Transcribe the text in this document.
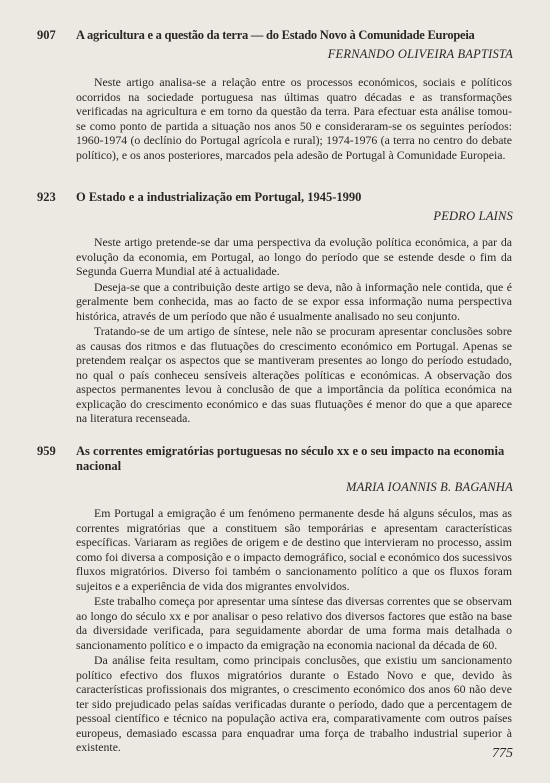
907 A agricultura e a questão da terra — do Estado Novo à Comunidade Europeia
FERNANDO OLIVEIRA BAPTISTA

Neste artigo analisa-se a relação entre os processos económicos, sociais e políticos ocorridos na sociedade portuguesa nas últimas quatro décadas e as transformações verificadas na agricultura e em torno da questão da terra. Para efectuar esta análise tomou-se como ponto de partida a situação nos anos 50 e consideraram-se os seguintes períodos: 1960-1974 (o declínio do Portugal agrícola e rural); 1974-1976 (a terra no centro do debate político), e os anos posteriores, marcados pela adesão de Portugal à Comunidade Europeia.

923 O Estado e a industrialização em Portugal, 1945-1990
PEDRO LAINS

Neste artigo pretende-se dar uma perspectiva da evolução política económica, a par da evolução da economia, em Portugal, ao longo do período que se estende desde o fim da Segunda Guerra Mundial até à actualidade.

Deseja-se que a contribuição deste artigo se deva, não à informação nele contida, que é geralmente bem conhecida, mas ao facto de se expor essa informação numa perspectiva histórica, através de um período que não é usualmente analisado no seu conjunto.

Tratando-se de um artigo de síntese, nele não se procuram apresentar conclusões sobre as causas dos ritmos e das flutuações do crescimento económico em Portugal. Apenas se pretendem realçar os aspectos que se mantiveram presentes ao longo do período estudado, no qual o país conheceu sensíveis alterações políticas e económicas. A observação dos aspectos permanentes levou à conclusão de que a importância da política económica na explicação do crescimento económico e das suas flutuações é menor do que a que aparece na literatura recenseada.

959 As correntes emigratórias portuguesas no século xx e o seu impacto na economia nacional
MARIA IOANNIS B. BAGANHA

Em Portugal a emigração é um fenómeno permanente desde há alguns séculos, mas as correntes migratórias que a constituem são temporárias e apresentam características específicas. Variaram as regiões de origem e de destino que intervieram no processo, assim como foi diversa a composição e o impacto demográfico, social e económico dos sucessivos fluxos migratórios. Diverso foi também o sancionamento político a que os fluxos foram sujeitos e a experiência de vida dos migrantes envolvidos.

Este trabalho começa por apresentar uma síntese das diversas correntes que se observam ao longo do século xx e por analisar o peso relativo dos diversos factores que estão na base da diversidade verificada, para seguidamente abordar de uma forma mais detalhada o sancionamento político e o impacto da emigração na economia nacional da década de 60.

Da análise feita resultam, como principais conclusões, que existiu um sancionamento político efectivo dos fluxos migratórios durante o Estado Novo e que, devido às características profissionais dos migrantes, o crescimento económico dos anos 60 não deve ter sido prejudicado pelas saídas verificadas durante o período, dado que a percentagem de pessoal científico e técnico na população activa era, comparativamente com outros países europeus, demasiado escassa para enquadrar uma força de trabalho industrial superior à existente.	775
